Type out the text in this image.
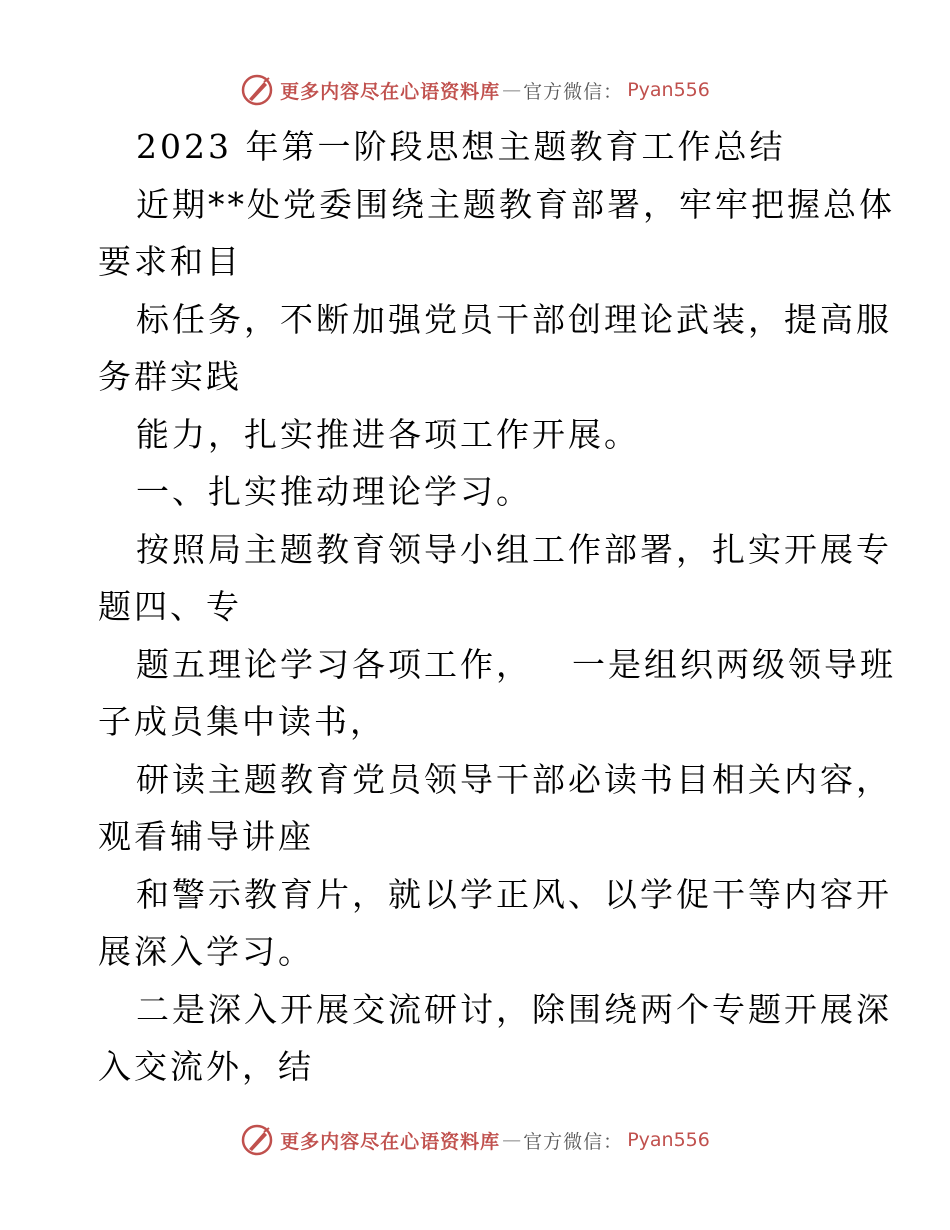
更多内容尽在心语资料库 — 官方微信： Pyan556
2023 年第一阶段思想主题教育工作总结
近期**处党委围绕主题教育部署，牢牢把握总体
要求和目
标任务，不断加强党员干部创理论武装，提高服
务群实践
能力，扎实推进各项工作开展。
一、扎实推动理论学习。
按照局主题教育领导小组工作部署，扎实开展专
题四、专
题五理论学习各项工作， 一是组织两级领导班
子成员集中读书，
研读主题教育党员领导干部必读书目相关内容，
观看辅导讲座
和警示教育片，就以学正风、以学促干等内容开
展深入学习。
二是深入开展交流研讨，除围绕两个专题开展深
入交流外，结
更多内容尽在心语资料库 — 官方微信： Pyan556
